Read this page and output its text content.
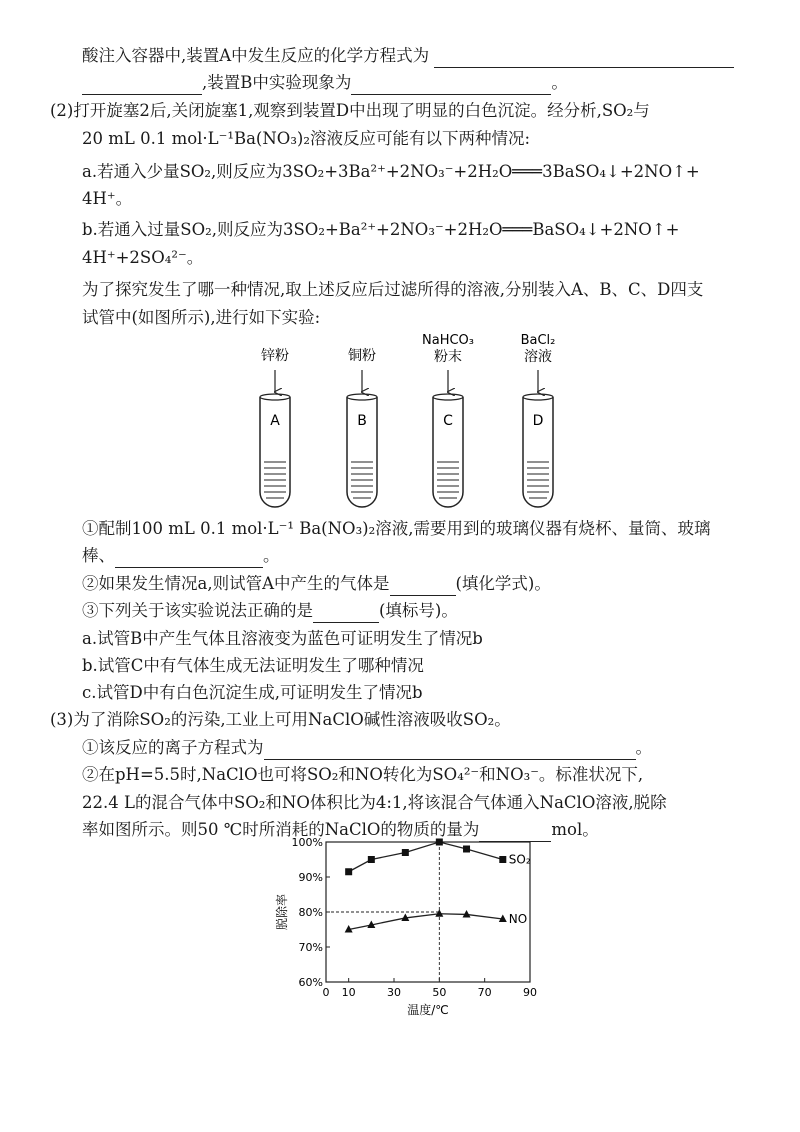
酸注入容器中,装置A中发生反应的化学方程式为
,装置B中实验现象为	。
(2)打开旋塞2后,关闭旋塞1,观察到装置D中出现了明显的白色沉淀。经分析,SO₂与
20 mL 0.1 mol·L⁻¹Ba(NO₃)₂溶液反应可能有以下两种情况:
a.若通入少量SO₂,则反应为3SO₂+3Ba²⁺+2NO₃⁻+2H₂O═══3BaSO₄↓+2NO↑+
4H⁺。
b.若通入过量SO₂,则反应为3SO₂+Ba²⁺+2NO₃⁻+2H₂O═══BaSO₄↓+2NO↑+
4H⁺+2SO₄²⁻。
为了探究发生了哪一种情况,取上述反应后过滤所得的溶液,分别装入A、B、C、D四支
试管中(如图所示),进行如下实验:
锌粉
A
铜粉
B
NaHCO₃
粉末
C
BaCl₂
溶液
D
①配制100 mL 0.1 mol·L⁻¹ Ba(NO₃)₂溶液,需要用到的玻璃仪器有烧杯、量筒、玻璃
棒、	。
②如果发生情况a,则试管A中产生的气体是	(填化学式)。
③下列关于该实验说法正确的是	(填标号)。
a.试管B中产生气体且溶液变为蓝色可证明发生了情况b
b.试管C中有气体生成无法证明发生了哪种情况
c.试管D中有白色沉淀生成,可证明发生了情况b
(3)为了消除SO₂的污染,工业上可用NaClO碱性溶液吸收SO₂。
①该反应的离子方程式为	。
②在pH=5.5时,NaClO也可将SO₂和NO转化为SO₄²⁻和NO₃⁻。标准状况下,
22.4 L的混合气体中SO₂和NO体积比为4:1,将该混合气体通入NaClO溶液,脱除
率如图所示。则50 ℃时所消耗的NaClO的物质的量为	mol。
60%
70%
80%
90%
100%
0 10	30	50	70	90
SO₂
NO
脱除率
温度/℃
